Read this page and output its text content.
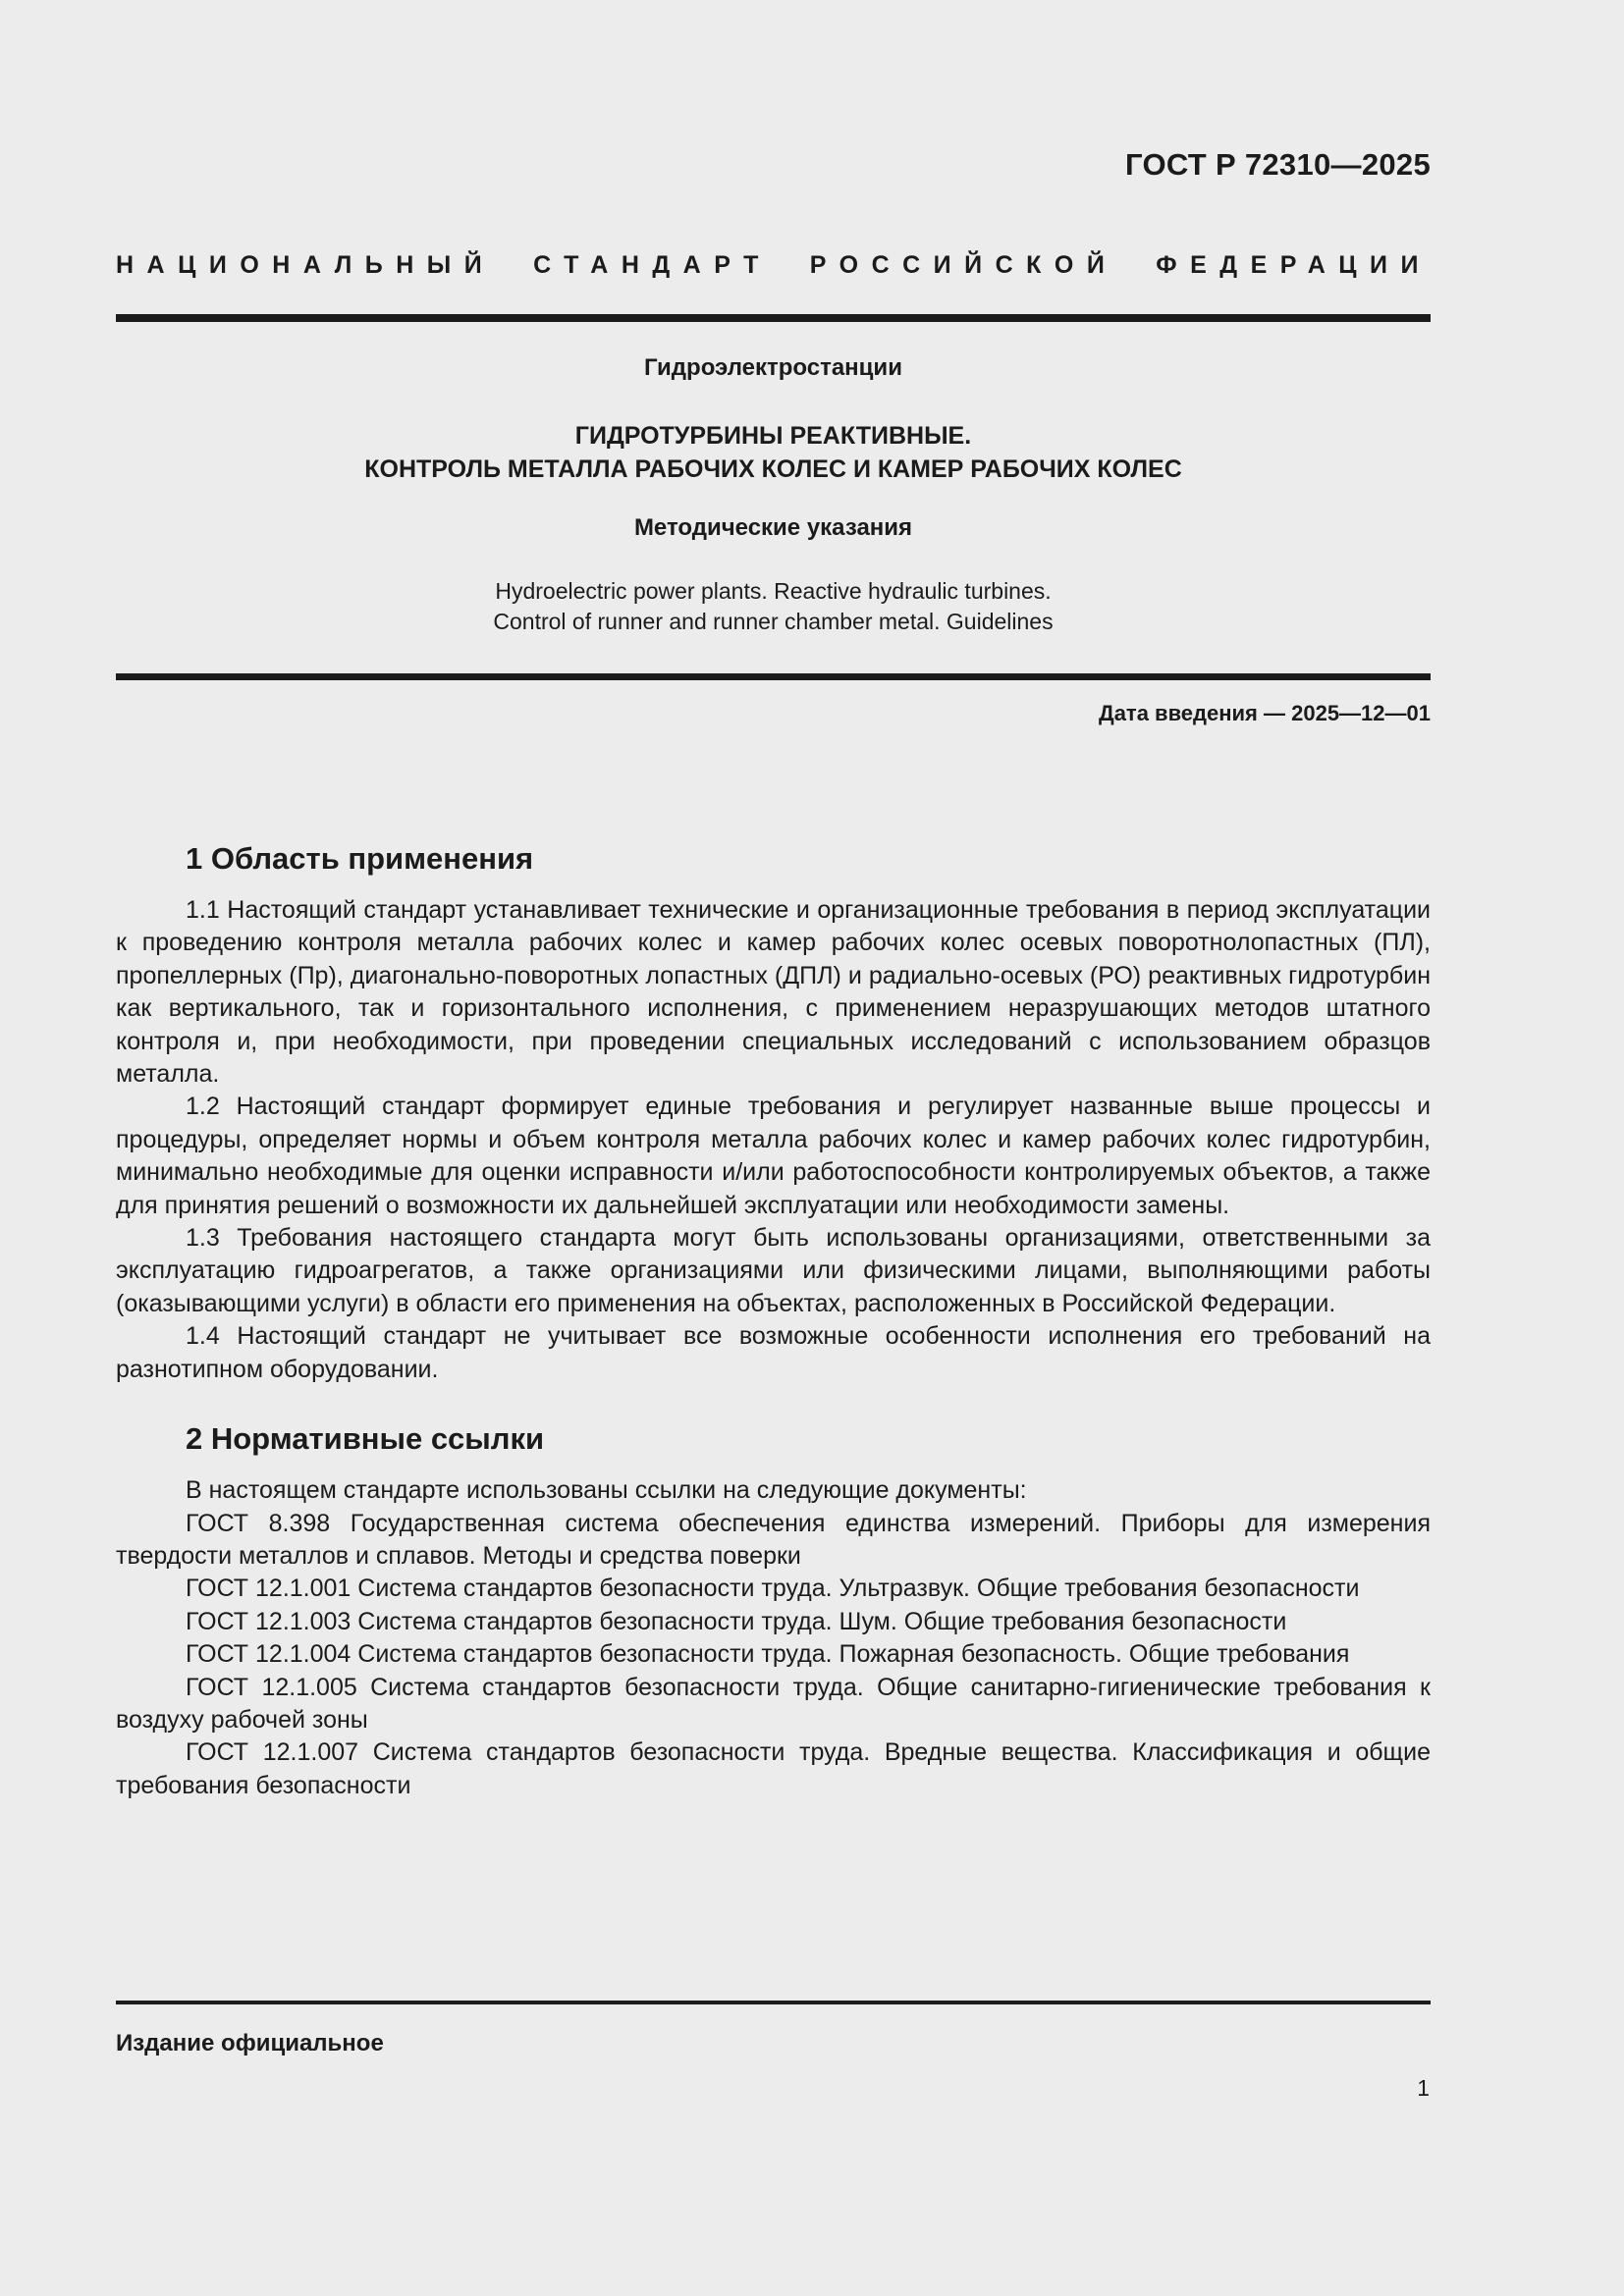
ГОСТ Р 72310—2025
НАЦИОНАЛЬНЫЙ СТАНДАРТ РОССИЙСКОЙ ФЕДЕРАЦИИ
Гидроэлектростанции
ГИДРОТУРБИНЫ РЕАКТИВНЫЕ.
КОНТРОЛЬ МЕТАЛЛА РАБОЧИХ КОЛЕС И КАМЕР РАБОЧИХ КОЛЕС
Методические указания
Hydroelectric power plants. Reactive hydraulic turbines.
Control of runner and runner chamber metal. Guidelines
Дата введения — 2025—12—01
1 Область применения

1.1 Настоящий стандарт устанавливает технические и организационные требования в период эксплуатации к проведению контроля металла рабочих колес и камер рабочих колес осевых поворотнолопастных (ПЛ), пропеллерных (Пр), диагонально-поворотных лопастных (ДПЛ) и радиально-осевых (РО) реактивных гидротурбин как вертикального, так и горизонтального исполнения, с применением неразрушающих методов штатного контроля и, при необходимости, при проведении специальных исследований с использованием образцов металла.

1.2 Настоящий стандарт формирует единые требования и регулирует названные выше процессы и процедуры, определяет нормы и объем контроля металла рабочих колес и камер рабочих колес гидротурбин, минимально необходимые для оценки исправности и/или работоспособности контролируемых объектов, а также для принятия решений о возможности их дальнейшей эксплуатации или необходимости замены.

1.3 Требования настоящего стандарта могут быть использованы организациями, ответственными за эксплуатацию гидроагрегатов, а также организациями или физическими лицами, выполняющими работы (оказывающими услуги) в области его применения на объектах, расположенных в Российской Федерации.

1.4 Настоящий стандарт не учитывает все возможные особенности исполнения его требований на разнотипном оборудовании.

2 Нормативные ссылки

В настоящем стандарте использованы ссылки на следующие документы:

ГОСТ 8.398 Государственная система обеспечения единства измерений. Приборы для измерения твердости металлов и сплавов. Методы и средства поверки

ГОСТ 12.1.001 Система стандартов безопасности труда. Ультразвук. Общие требования безопасности

ГОСТ 12.1.003 Система стандартов безопасности труда. Шум. Общие требования безопасности

ГОСТ 12.1.004 Система стандартов безопасности труда. Пожарная безопасность. Общие требования

ГОСТ 12.1.005 Система стандартов безопасности труда. Общие санитарно-гигиенические требования к воздуху рабочей зоны

ГОСТ 12.1.007 Система стандартов безопасности труда. Вредные вещества. Классификация и общие требования безопасности

Издание официальное
1
